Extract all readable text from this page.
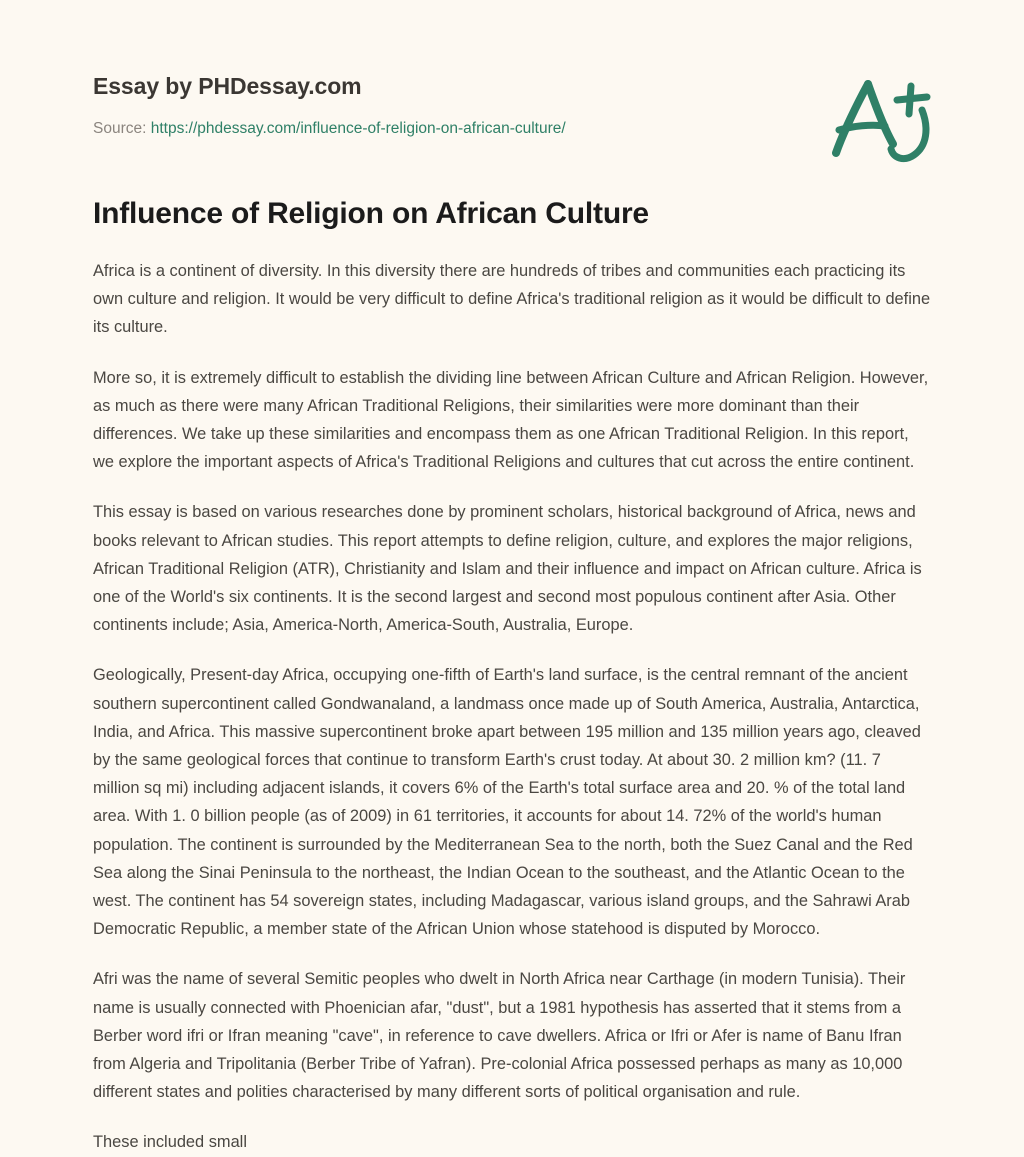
Essay by PHDessay.com
Source: https://phdessay.com/influence-of-religion-on-african-culture/
Influence of Religion on African Culture

Africa is a continent of diversity. In this diversity there are hundreds of tribes and communities each practicing its own culture and religion. It would be very difficult to define Africa's traditional religion as it would be difficult to define its culture.

More so, it is extremely difficult to establish the dividing line between African Culture and African Religion. However, as much as there were many African Traditional Religions, their similarities were more dominant than their differences. We take up these similarities and encompass them as one African Traditional Religion. In this report, we explore the important aspects of Africa's Traditional Religions and cultures that cut across the entire continent.

This essay is based on various researches done by prominent scholars, historical background of Africa, news and books relevant to African studies. This report attempts to define religion, culture, and explores the major religions, African Traditional Religion (ATR), Christianity and Islam and their influence and impact on African culture. Africa is one of the World's six continents. It is the second largest and second most populous continent after Asia. Other continents include; Asia, America-North, America-South, Australia, Europe.

Geologically, Present-day Africa, occupying one-fifth of Earth's land surface, is the central remnant of the ancient southern supercontinent called Gondwanaland, a landmass once made up of South America, Australia, Antarctica, India, and Africa. This massive supercontinent broke apart between 195 million and 135 million years ago, cleaved by the same geological forces that continue to transform Earth's crust today. At about 30. 2 million km? (11. 7 million sq mi) including adjacent islands, it covers 6% of the Earth's total surface area and 20. % of the total land area. With 1. 0 billion people (as of 2009) in 61 territories, it accounts for about 14. 72% of the world's human population. The continent is surrounded by the Mediterranean Sea to the north, both the Suez Canal and the Red Sea along the Sinai Peninsula to the northeast, the Indian Ocean to the southeast, and the Atlantic Ocean to the west. The continent has 54 sovereign states, including Madagascar, various island groups, and the Sahrawi Arab Democratic Republic, a member state of the African Union whose statehood is disputed by Morocco.

Afri was the name of several Semitic peoples who dwelt in North Africa near Carthage (in modern Tunisia). Their name is usually connected with Phoenician afar, "dust", but a 1981 hypothesis has asserted that it stems from a Berber word ifri or Ifran meaning "cave", in reference to cave dwellers. Africa or Ifri or Afer is name of Banu Ifran from Algeria and Tripolitania (Berber Tribe of Yafran). Pre-colonial Africa possessed perhaps as many as 10,000 different states and polities characterised by many different sorts of political organisation and rule.

These included small
